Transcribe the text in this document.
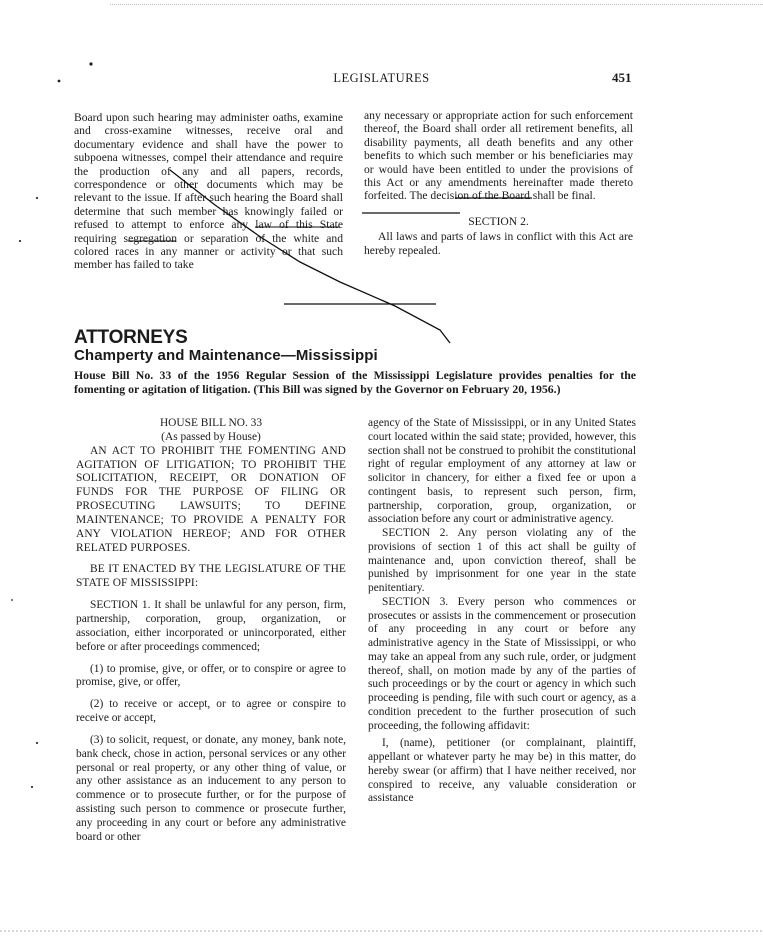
LEGISLATURES	451

Board upon such hearing may administer oaths, examine and cross-examine witnesses, receive oral and documentary evidence and shall have the power to subpoena witnesses, compel their attendance and require the production of any and all papers, records, correspondence or other documents which may be relevant to the issue. If after such hearing the Board shall determine that such member has knowingly failed or refused to attempt to enforce any law of this State requiring segregation or separation of the white and colored races in any manner or activity or that such member has failed to take

any necessary or appropriate action for such enforcement thereof, the Board shall order all retirement benefits, all disability payments, all death benefits and any other benefits to which such member or his beneficiaries may or would have been entitled to under the provisions of this Act or any amendments hereinafter made thereto forfeited. The decision of the Board shall be final.

SECTION 2.

All laws and parts of laws in conflict with this Act are hereby repealed.

ATTORNEYS
Champerty and Maintenance—Mississippi

House Bill No. 33 of the 1956 Regular Session of the Mississippi Legislature provides penalties for the fomenting or agitation of litigation. (This Bill was signed by the Governor on February 20, 1956.)

HOUSE BILL NO. 33

(As passed by House)

AN ACT TO PROHIBIT THE FOMENTING AND AGITATION OF LITIGATION; TO PROHIBIT THE SOLICITATION, RECEIPT, OR DONATION OF FUNDS FOR THE PURPOSE OF FILING OR PROSECUTING LAWSUITS; TO DEFINE MAINTENANCE; TO PROVIDE A PENALTY FOR ANY VIOLATION HEREOF; AND FOR OTHER RELATED PURPOSES.

BE IT ENACTED BY THE LEGISLATURE OF THE STATE OF MISSISSIPPI:

SECTION 1. It shall be unlawful for any person, firm, partnership, corporation, group, organization, or association, either incorporated or unincorporated, either before or after proceedings commenced;

(1) to promise, give, or offer, or to conspire or agree to promise, give, or offer,

(2) to receive or accept, or to agree or conspire to receive or accept,

(3) to solicit, request, or donate, any money, bank note, bank check, chose in action, personal services or any other personal or real property, or any other thing of value, or any other assistance as an inducement to any person to commence or to prosecute further, or for the purpose of assisting such person to commence or prosecute further, any proceeding in any court or before any administrative board or other

agency of the State of Mississippi, or in any United States court located within the said state; provided, however, this section shall not be construed to prohibit the constitutional right of regular employment of any attorney at law or solicitor in chancery, for either a fixed fee or upon a contingent basis, to represent such person, firm, partnership, corporation, group, organization, or association before any court or administrative agency.

SECTION 2. Any person violating any of the provisions of section 1 of this act shall be guilty of maintenance and, upon conviction thereof, shall be punished by imprisonment for one year in the state penitentiary.

SECTION 3. Every person who commences or prosecutes or assists in the commencement or prosecution of any proceeding in any court or before any administrative agency in the State of Mississippi, or who may take an appeal from any such rule, order, or judgment thereof, shall, on motion made by any of the parties of such proceedings or by the court or agency in which such proceeding is pending, file with such court or agency, as a condition precedent to the further prosecution of such proceeding, the following affidavit:

I, (name), petitioner (or complainant, plaintiff, appellant or whatever party he may be) in this matter, do hereby swear (or affirm) that I have neither received, nor conspired to receive, any valuable consideration or assistance
